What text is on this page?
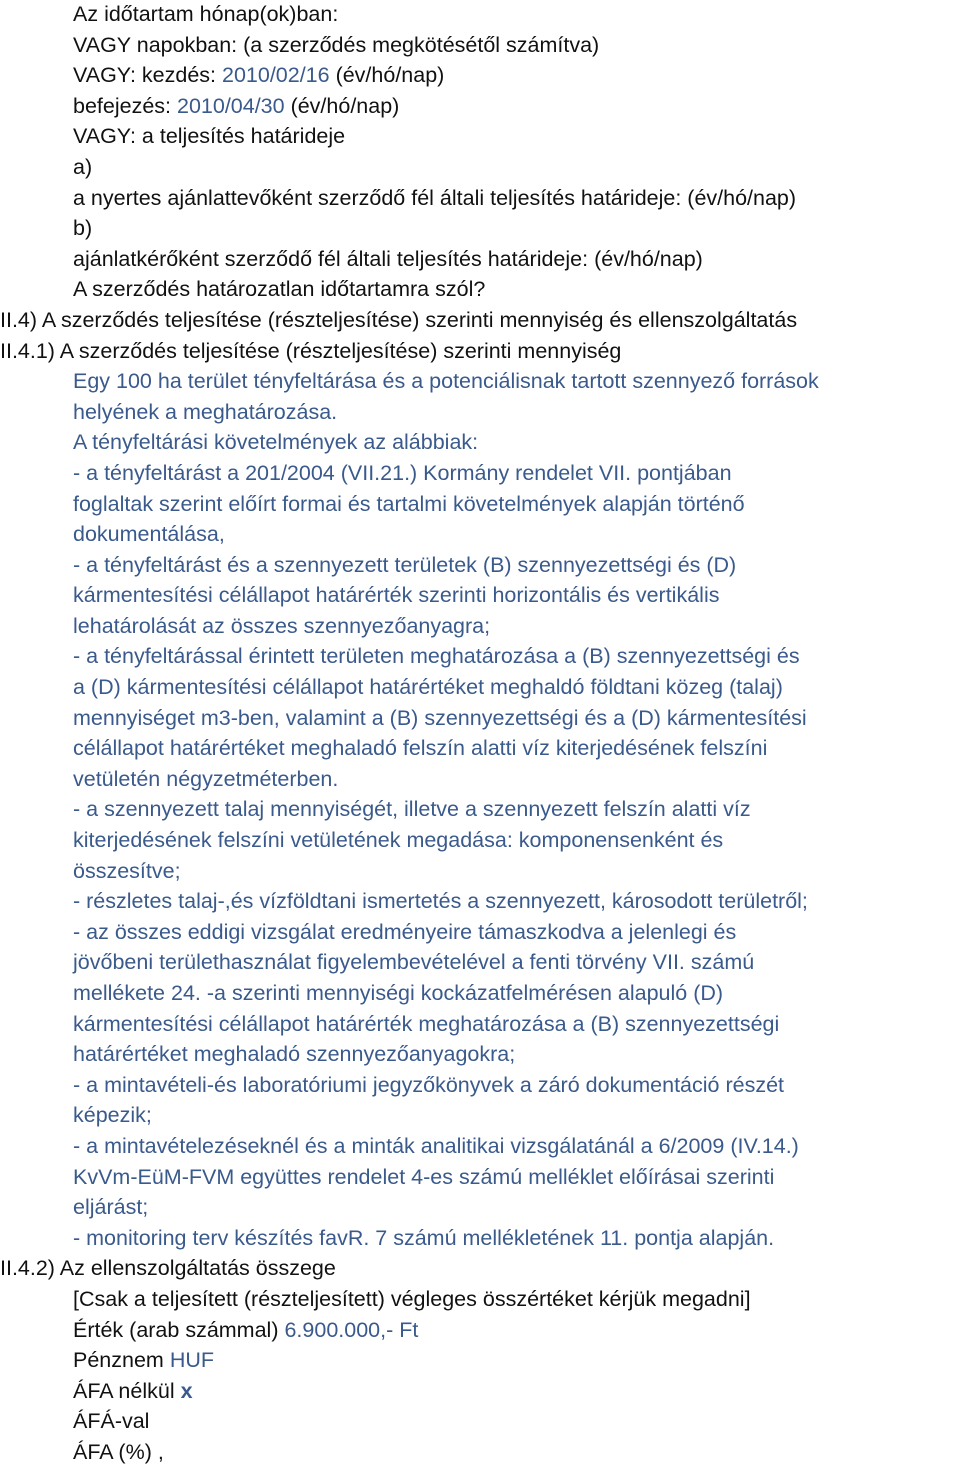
Az időtartam hónap(ok)ban:
VAGY napokban: (a szerződés megkötésétől számítva)
VAGY: kezdés: 2010/02/16 (év/hó/nap)
befejezés: 2010/04/30 (év/hó/nap)
VAGY: a teljesítés határideje
a)
a nyertes ajánlattevőként szerződő fél általi teljesítés határideje: (év/hó/nap)
b)
ajánlatkérőként szerződő fél általi teljesítés határideje: (év/hó/nap)
A szerződés határozatlan időtartamra szól?
II.4) A szerződés teljesítése (részteljesítése) szerinti mennyiség és ellenszolgáltatás
II.4.1) A szerződés teljesítése (részteljesítése) szerinti mennyiség
Egy 100 ha terület tényfeltárása és a potenciálisnak tartott szennyező források
helyének a meghatározása.
A tényfeltárási követelmények az alábbiak:
- a tényfeltárást a 201/2004 (VII.21.) Kormány rendelet VII. pontjában
foglaltak szerint előírt formai és tartalmi követelmények alapján történő
dokumentálása,
- a tényfeltárást és a szennyezett területek (B) szennyezettségi és (D)
kármentesítési célállapot határérték szerinti horizontális és vertikális
lehatárolását az összes szennyezőanyagra;
- a tényfeltárással érintett területen meghatározása a (B) szennyezettségi és
a (D) kármentesítési célállapot határértéket meghaldó földtani közeg (talaj)
mennyiséget m3-ben, valamint a (B) szennyezettségi és a (D) kármentesítési
célállapot határértéket meghaladó felszín alatti víz kiterjedésének felszíni
vetületén négyzetméterben.
- a szennyezett talaj mennyiségét, illetve a szennyezett felszín alatti víz
kiterjedésének felszíni vetületének megadása: komponensenként és
összesítve;
- részletes talaj-,és vízföldtani ismertetés a szennyezett, károsodott területről;
- az összes eddigi vizsgálat eredményeire támaszkodva a jelenlegi és
jövőbeni területhasználat figyelembevételével a fenti törvény VII. számú
mellékete 24. -a szerinti mennyiségi kockázatfelmérésen alapuló (D)
kármentesítési célállapot határérték meghatározása a (B) szennyezettségi
határértéket meghaladó szennyezőanyagokra;
- a mintavételi-és laboratóriumi jegyzőkönyvek a záró dokumentáció részét
képezik;
- a mintavételezéseknél és a minták analitikai vizsgálatánál a 6/2009 (IV.14.)
KvVm-EüM-FVM együttes rendelet 4-es számú melléklet előírásai szerinti
eljárást;
- monitoring terv készítés favR. 7 számú mellékletének 11. pontja alapján.
II.4.2) Az ellenszolgáltatás összege
[Csak a teljesített (részteljesített) végleges összértéket kérjük megadni]
Érték (arab számmal) 6.900.000,- Ft
Pénznem HUF
ÁFA nélkül x
ÁFÁ-val
ÁFA (%) ,
